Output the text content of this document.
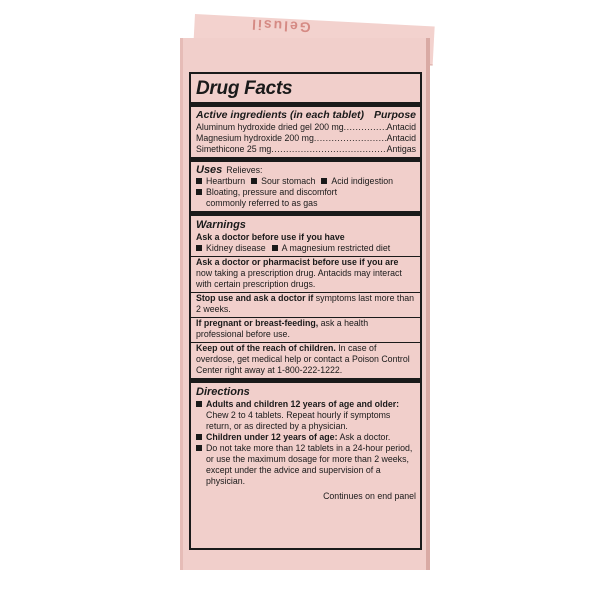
Gelusil
Drug Facts
Active ingredients (in each tablet) Purpose
Aluminum hydroxide dried gel 200 mg .....	Antacid
Magnesium hydroxide 200 mg .....	Antacid
Simethicone 25 mg .....	Antigas
Uses Relieves:
Heartburn Sour stomach Acid indigestion
Bloating, pressure and discomfort commonly referred to as gas
Warnings
Ask a doctor before use if you have
Kidney disease A magnesium restricted diet
Ask a doctor or pharmacist before use if you are now taking a prescription drug. Antacids may interact with certain prescription drugs.
Stop use and ask a doctor if symptoms last more than 2 weeks.
If pregnant or breast-feeding, ask a health professional before use.
Keep out of the reach of children. In case of overdose, get medical help or contact a Poison Control Center right away at 1-800-222-1222.
Directions
Adults and children 12 years of age and older: Chew 2 to 4 tablets. Repeat hourly if symptoms return, or as directed by a physician.
Children under 12 years of age: Ask a doctor.
Do not take more than 12 tablets in a 24-hour period, or use the maximum dosage for more than 2 weeks, except under the advice and supervision of a physician.
Continues on end panel
